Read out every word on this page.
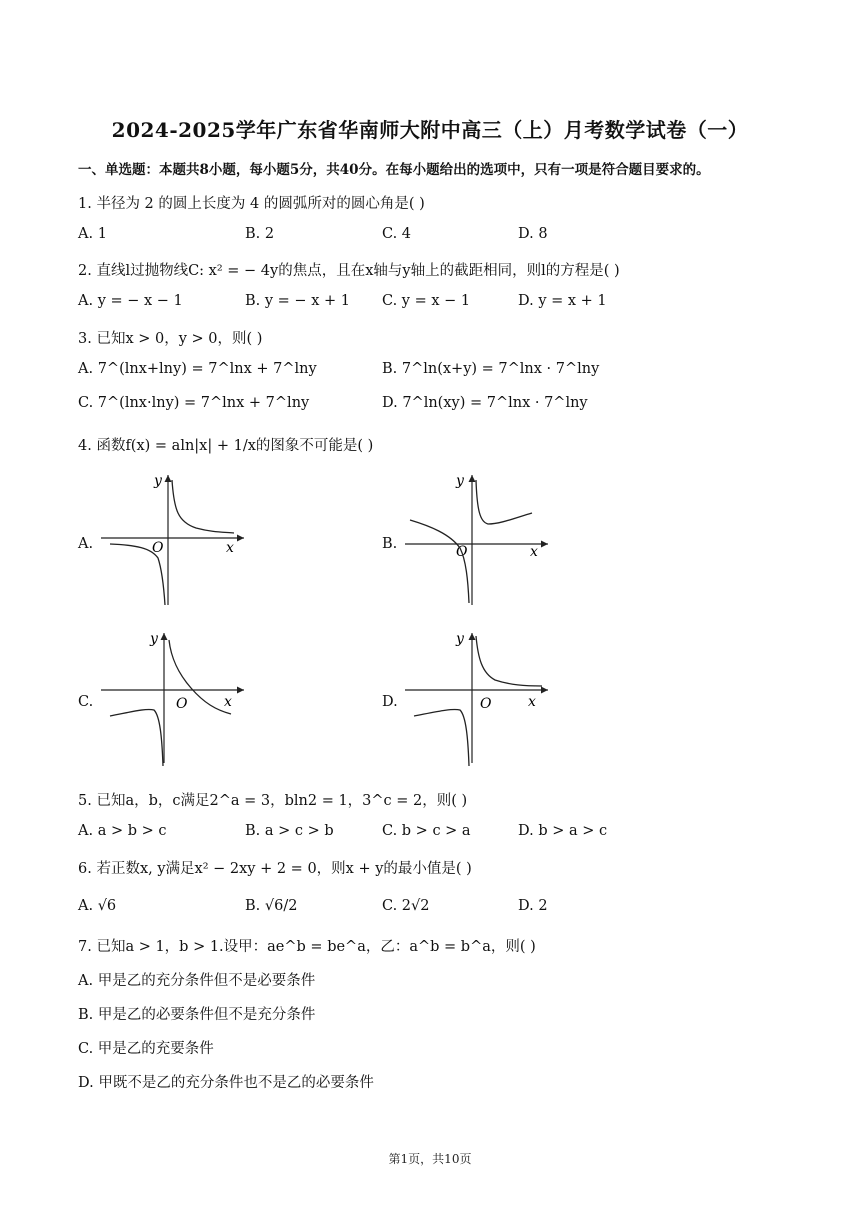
2024-2025学年广东省华南师大附中高三（上）月考数学试卷（一）
一、单选题：本题共8小题，每小题5分，共40分。在每小题给出的选项中，只有一项是符合题目要求的。
1. 半径为 2 的圆上长度为 4 的圆弧所对的圆心角是( )
A. 1	B. 2	C. 4	D. 8
2. 直线l过抛物线C: x² = − 4y的焦点，且在x轴与y轴上的截距相同，则l的方程是( )
A. y = − x − 1	B. y = − x + 1 C. y = x − 1	D. y = x + 1
3. 已知x > 0，y > 0，则( )
A. 7^(lnx+lny) = 7^lnx + 7^lny	B. 7^ln(x+y) = 7^lnx · 7^lny
C. 7^(lnx·lny) = 7^lnx + 7^lny	D. 7^ln(xy) = 7^lnx · 7^lny
4. 函数f(x) = aln|x| + 1/x的图象不可能是( )
A.	B.
C.	D.
y
x
O
y
x
O
y
x
O
y
x
O
5. 已知a，b，c满足2^a = 3，bln2 = 1，3^c = 2，则( )
A. a > b > c	B. a > c > b	C. b > c > a	D. b > a > c
6. 若正数x, y满足x² − 2xy + 2 = 0，则x + y的最小值是( )
A. √6	B. √6/2	C. 2√2	D. 2
7. 已知a > 1，b > 1.设甲：ae^b = be^a，乙：a^b = b^a，则( )
A. 甲是乙的充分条件但不是必要条件
B. 甲是乙的必要条件但不是充分条件
C. 甲是乙的充要条件
D. 甲既不是乙的充分条件也不是乙的必要条件
第1页，共10页
